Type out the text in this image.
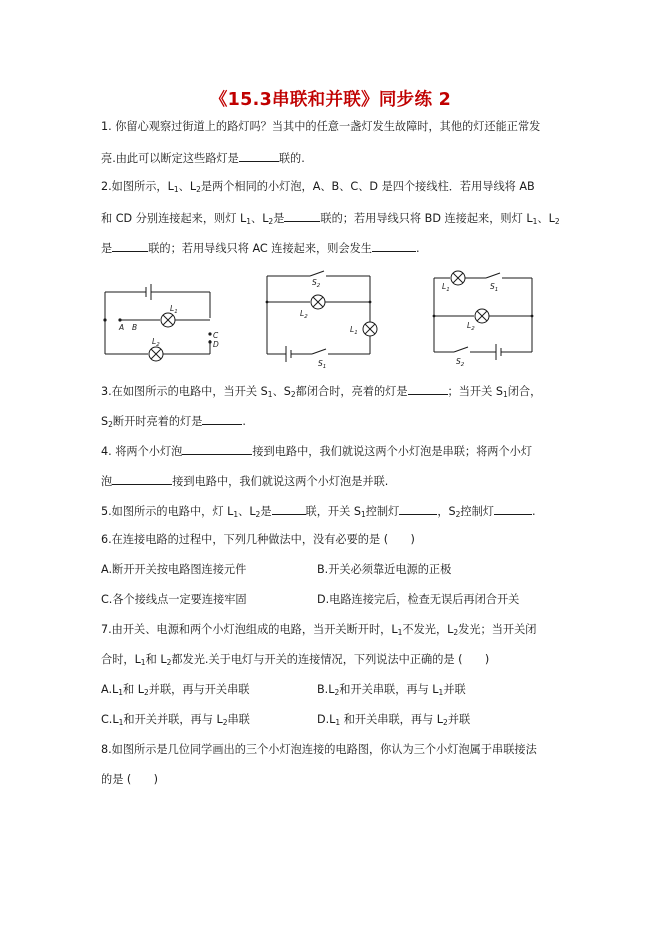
《15.3串联和并联》同步练 2
1. 你留心观察过街道上的路灯吗？当其中的任意一盏灯发生故障时，其他的灯还能正常发
亮.由此可以断定这些路灯是	联的.
2.如图所示，$L_1$、$L_2$是两个相同的小灯泡，A、B、C、D 是四个接线柱．若用导线将 AB
和 CD 分别连接起来，则灯 $L_1$、$L_2$是	联的；若用导线只将 BD 连接起来，则灯 $L_1$、$L_2$
是	联的；若用导线只将 AC 连接起来，则会发生	.
A B
C
D
$L_1$
$L_2$
$S_2$
$L_2$
$L_1$
$S_1$
$L_1$	$S_1$
$L_2$
$S_2$
3.在如图所示的电路中，当开关 $S_1$、$S_2$都闭合时，亮着的灯是	；当开关 $S_1$闭合，
$S_2$断开时亮着的灯是	.
4. 将两个小灯泡	接到电路中，我们就说这两个小灯泡是串联；将两个小灯
泡	接到电路中，我们就说这两个小灯泡是并联.
5.如图所示的电路中，灯 $L_1$、$L_2$是	联，开关 $S_1$控制灯	，$S_2$控制灯	.
6.在连接电路的过程中，下列几种做法中，没有必要的是 (　　)
A.断开开关按电路图连接元件	B.开关必须靠近电源的正极
C.各个接线点一定要连接牢固	D.电路连接完后，检查无误后再闭合开关
7.由开关、电源和两个小灯泡组成的电路，当开关断开时，$L_1$不发光，$L_2$发光；当开关闭
合时，$L_1$和 $L_2$都发光.关于电灯与开关的连接情况，下列说法中正确的是 (　　)
$A.L_1$和 $L_2$并联，再与开关串联	$B.L_2$和开关串联，再与 $L_1$并联
$C.L_1$和开关并联，再与 $L_2$串联	$D.L_1$ 和开关串联，再与 $L_2$并联
8.如图所示是几位同学画出的三个小灯泡连接的电路图，你认为三个小灯泡属于串联接法
的是 (　　)
